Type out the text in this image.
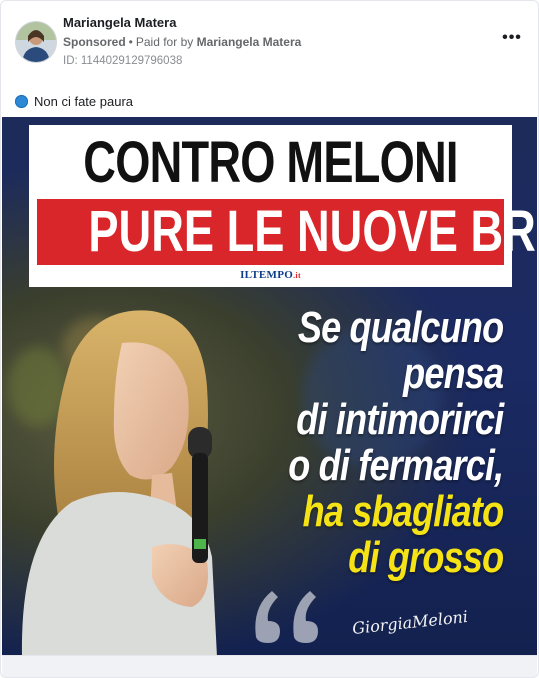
Mariangela Matera
Sponsored • Paid for by Mariangela Matera
ID: 1144029129796038
•••
Non ci fate paura
CONTRO MELONI
PURE LE NUOVE BR
ILTEMPO.it
Se qualcuno
pensa
di intimorirci
o di fermarci,
ha sbagliato
di grosso
GiorgiaMeloni
